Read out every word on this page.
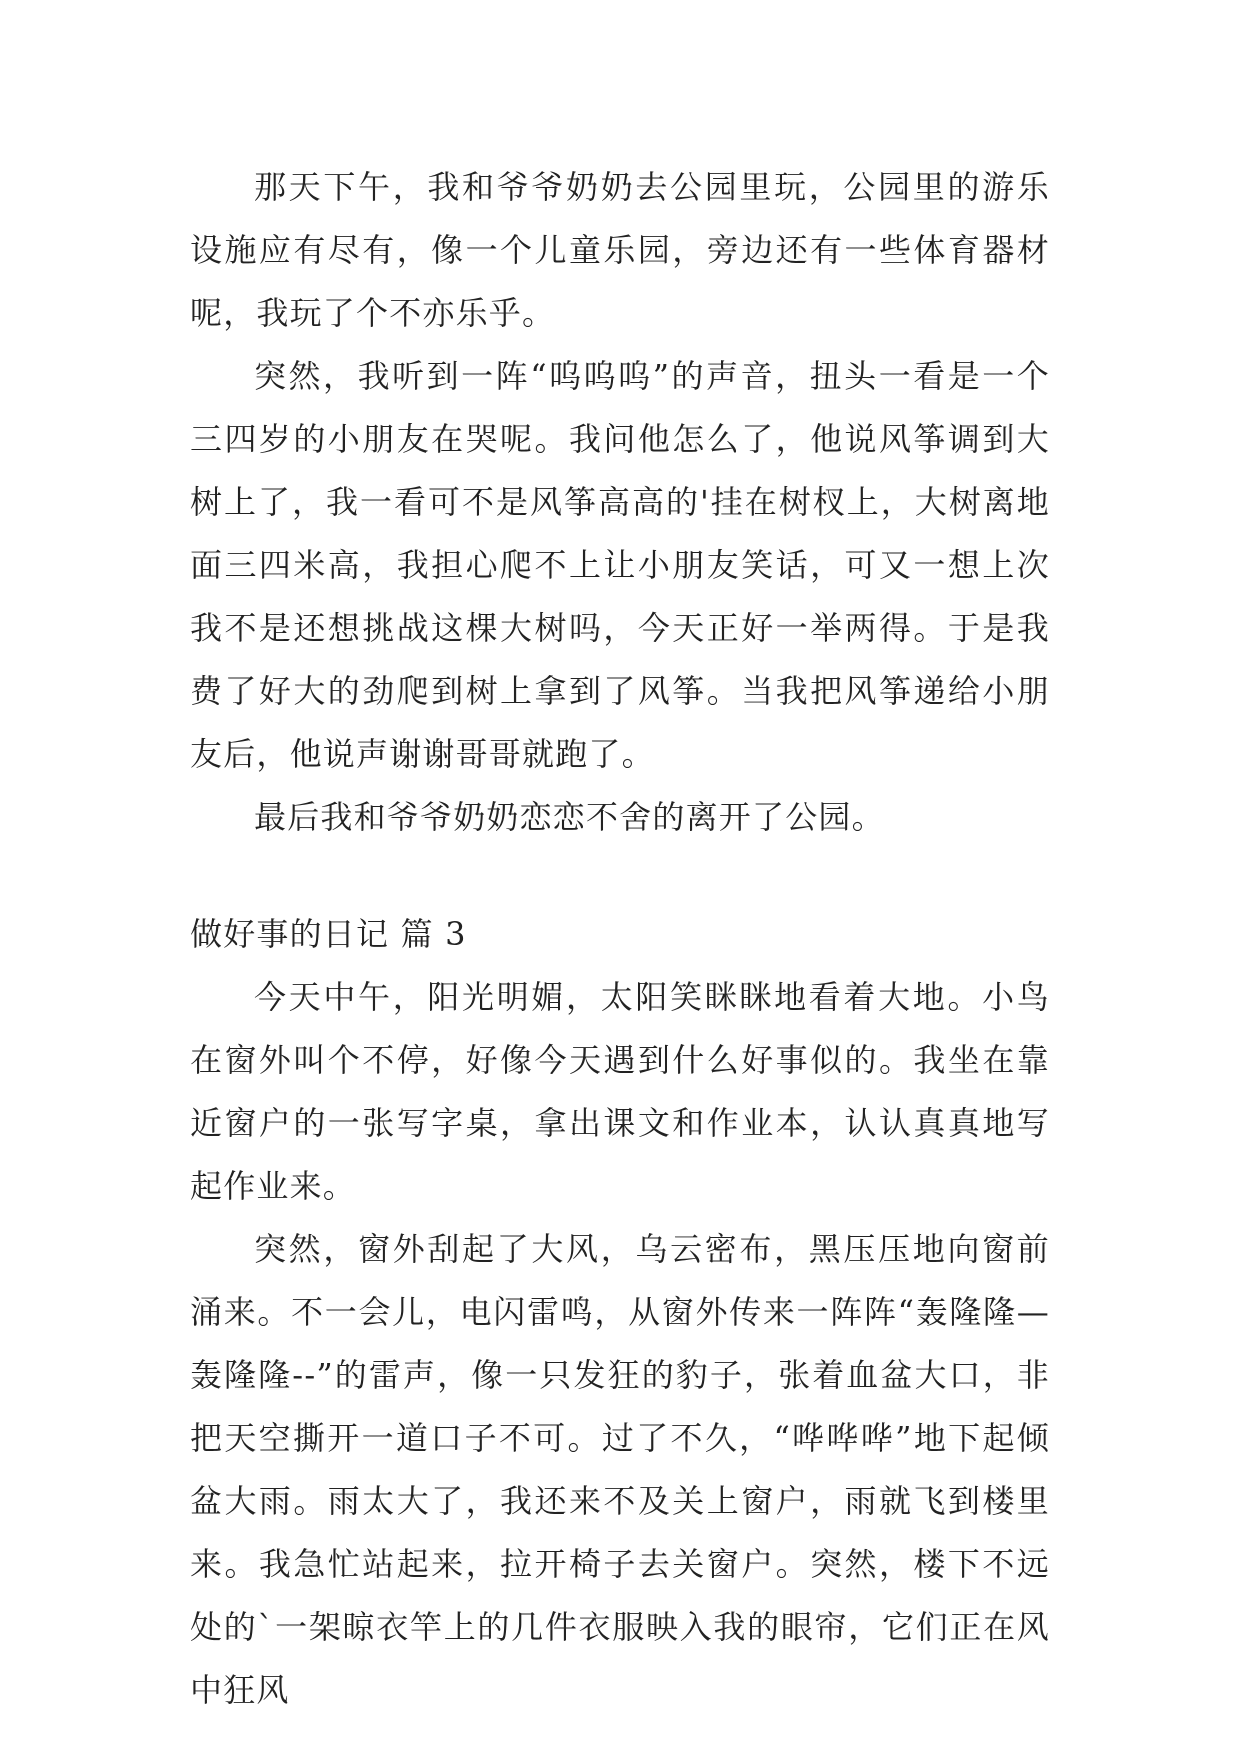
那天下午，我和爷爷奶奶去公园里玩，公园里的游乐设施应有尽有，像一个儿童乐园，旁边还有一些体育器材呢，我玩了个不亦乐乎。

突然，我听到一阵“呜呜呜”的声音，扭头一看是一个三四岁的小朋友在哭呢。我问他怎么了，他说风筝调到大树上了，我一看可不是风筝高高的'挂在树杈上，大树离地面三四米高，我担心爬不上让小朋友笑话，可又一想上次我不是还想挑战这棵大树吗，今天正好一举两得。于是我费了好大的劲爬到树上拿到了风筝。当我把风筝递给小朋友后，他说声谢谢哥哥就跑了。

最后我和爷爷奶奶恋恋不舍的离开了公园。

做好事的日记 篇 3

今天中午，阳光明媚，太阳笑眯眯地看着大地。小鸟在窗外叫个不停，好像今天遇到什么好事似的。我坐在靠近窗户的一张写字桌，拿出课文和作业本，认认真真地写起作业来。

突然，窗外刮起了大风，乌云密布，黑压压地向窗前涌来。不一会儿，电闪雷鸣，从窗外传来一阵阵“轰隆隆—轰隆隆--”的雷声，像一只发狂的豹子，张着血盆大口，非把天空撕开一道口子不可。过了不久，“哗哗哗”地下起倾盆大雨。雨太大了，我还来不及关上窗户，雨就飞到楼里来。我急忙站起来，拉开椅子去关窗户。突然，楼下不远处的`一架晾衣竿上的几件衣服映入我的眼帘，它们正在风中狂风
